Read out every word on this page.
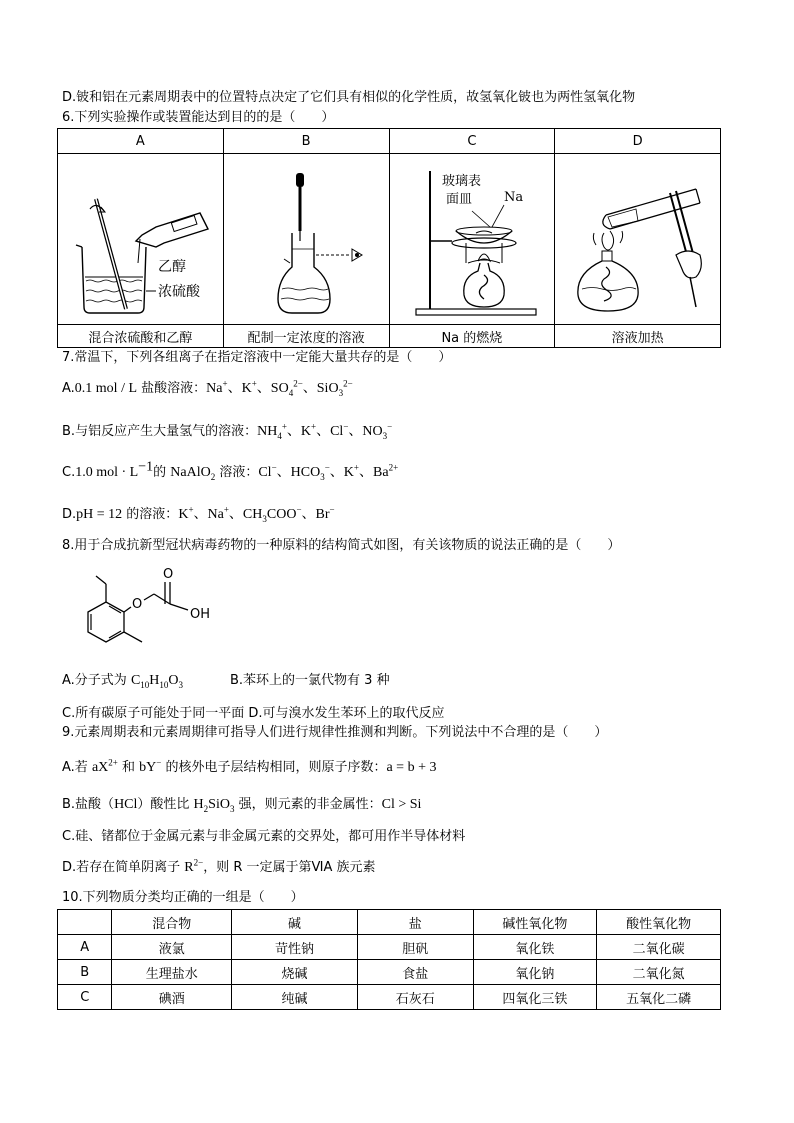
D.铍和铝在元素周期表中的位置特点决定了它们具有相似的化学性质，故氢氧化铍也为两性氢氧化物
6.下列实验操作或装置能达到目的的是（　　）
A	B	C	D

乙醇
浓硫酸		玻璃表
面皿 Na

混合浓硫酸和乙醇	配制一定浓度的溶液	Na 的燃烧	溶液加热
7.常温下，下列各组离子在指定溶液中一定能大量共存的是（　　）
A.0.1 mol / L 盐酸溶液：Na+、K+、$SO_4^{2-}$、SiO$_3^{2-}$
B.与铝反应产生大量氢气的溶液：$NH_4^+$、K+、Cl−、$NO_3^-$
C.1.0 mol · $L^{-1}$的 NaAlO$_2$ 溶液：Cl−、$HCO_3^-$、K+、$Ba^{2+}$
D.pH = 12 的溶液：K+、Na+、$CH_3COO^-$、Br−
8.用于合成抗新型冠状病毒药物的一种原料的结构简式如图，有关该物质的说法正确的是（　　）
O
O
OH
A.分子式为 $C_{10}H_{10}O_3$	B.苯环上的一氯代物有 3 种
C.所有碳原子可能处于同一平面 D.可与溴水发生苯环上的取代反应
9.元素周期表和元素周期律可指导人们进行规律性推测和判断。下列说法中不合理的是（　　）
A.若 $aX^{2+}$ 和 bY− 的核外电子层结构相同，则原子序数：a = b + 3
B.盐酸（HCl）酸性比 $H_2SiO_3$ 强，则元素的非金属性：Cl > Si
C.硅、锗都位于金属元素与非金属元素的交界处，都可用作半导体材料
D.若存在简单阴离子 $R^{2-}$，则 R 一定属于第ⅥA 族元素
10.下列物质分类均正确的一组是（　　）
	混合物	碱	盐	碱性氧化物	酸性氧化物
A	液氯	苛性钠	胆矾	氧化铁	二氧化碳
B	生理盐水	烧碱	食盐	氧化钠	二氧化氮
C	碘酒	纯碱	石灰石	四氧化三铁	五氧化二磷
